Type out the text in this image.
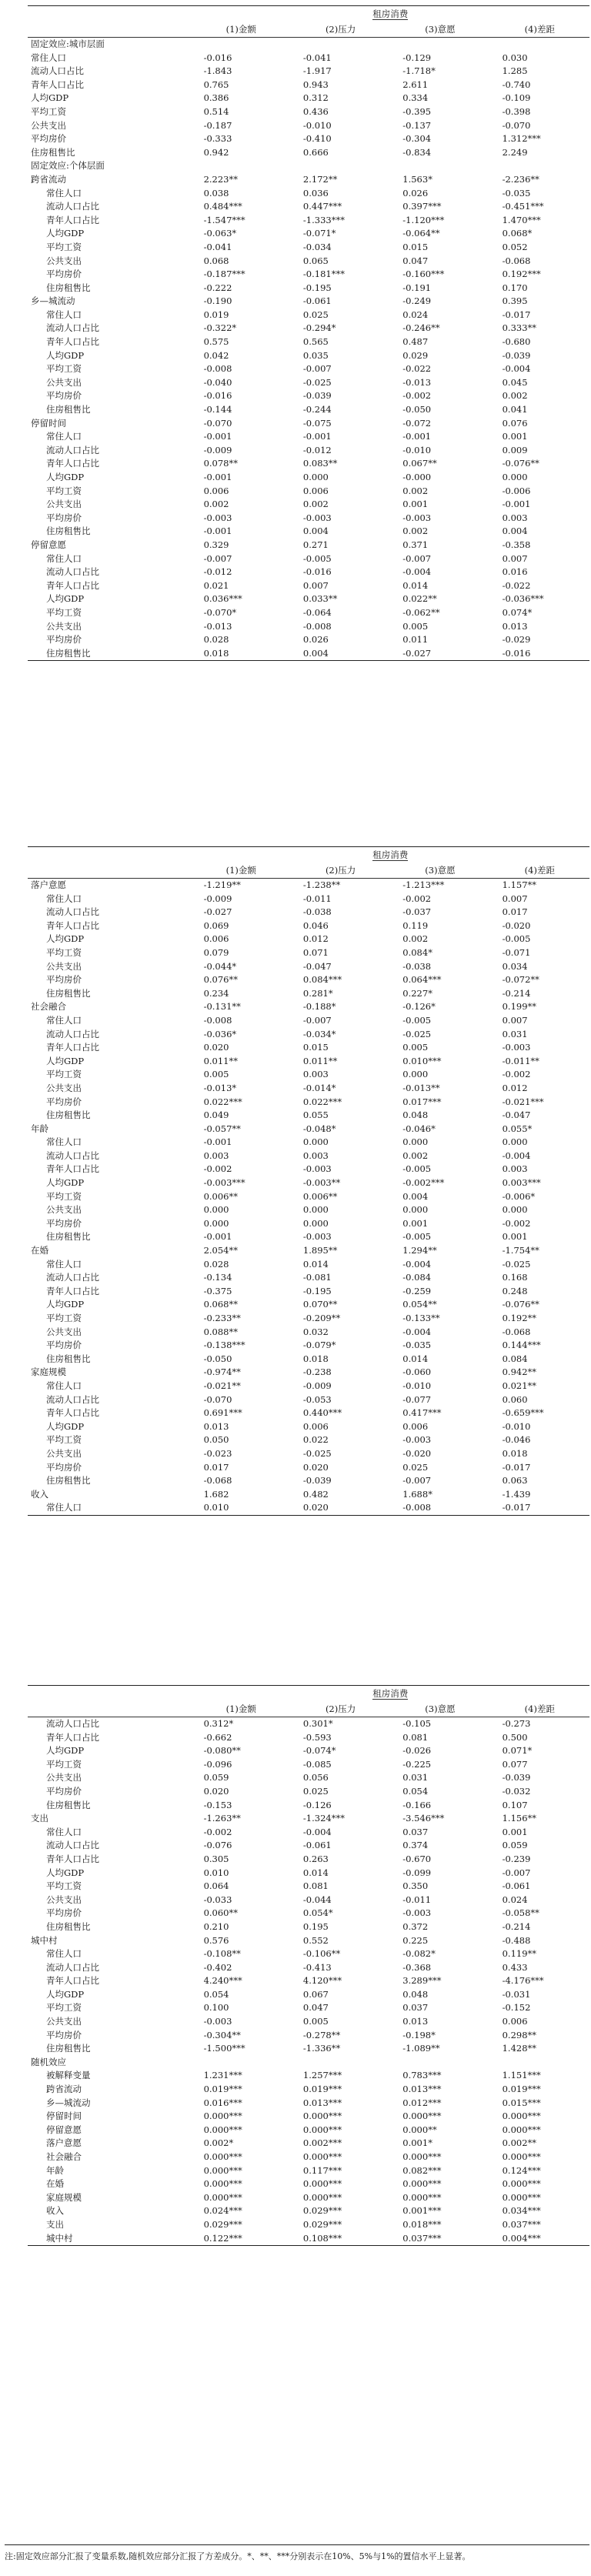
	租房消费			
	(1)金额	(2)压力	(3)意愿	(4)差距
固定效应:城市层面				
常住人口	-0.016	-0.041	-0.129	0.030
流动人口占比	-1.843	-1.917	-1.718*	1.285
青年人口占比	0.765	0.943	2.611	-0.740
人均GDP	0.386	0.312	0.334	-0.109
平均工资	0.514	0.436	-0.395	-0.398
公共支出	-0.187	-0.010	-0.137	-0.070
平均房价	-0.333	-0.410	-0.304	1.312***
住房租售比	0.942	0.666	-0.834	2.249
固定效应:个体层面				
跨省流动	2.223**	2.172**	1.563*	-2.236**
常住人口	0.038	0.036	0.026	-0.035
流动人口占比	0.484***	0.447***	0.397***	-0.451***
青年人口占比	-1.547***	-1.333***	-1.120***	1.470***
人均GDP	-0.063*	-0.071*	-0.064**	0.068*
平均工资	-0.041	-0.034	0.015	0.052
公共支出	0.068	0.065	0.047	-0.068
平均房价	-0.187***	-0.181***	-0.160***	0.192***
住房租售比	-0.222	-0.195	-0.191	0.170
乡—城流动	-0.190	-0.061	-0.249	0.395
常住人口	0.019	0.025	0.024	-0.017
流动人口占比	-0.322*	-0.294*	-0.246**	0.333**
青年人口占比	0.575	0.565	0.487	-0.680
人均GDP	0.042	0.035	0.029	-0.039
平均工资	-0.008	-0.007	-0.022	-0.004
公共支出	-0.040	-0.025	-0.013	0.045
平均房价	-0.016	-0.039	-0.002	0.002
住房租售比	-0.144	-0.244	-0.050	0.041
停留时间	-0.070	-0.075	-0.072	0.076
常住人口	-0.001	-0.001	-0.001	0.001
流动人口占比	-0.009	-0.012	-0.010	0.009
青年人口占比	0.078**	0.083**	0.067**	-0.076**
人均GDP	-0.001	0.000	-0.000	0.000
平均工资	0.006	0.006	0.002	-0.006
公共支出	0.002	0.002	0.001	-0.001
平均房价	-0.003	-0.003	-0.003	0.003
住房租售比	-0.001	0.004	0.002	0.004
停留意愿	0.329	0.271	0.371	-0.358
常住人口	-0.007	-0.005	-0.007	0.007
流动人口占比	-0.012	-0.016	-0.004	0.016
青年人口占比	0.021	0.007	0.014	-0.022
人均GDP	0.036***	0.033**	0.022**	-0.036***
平均工资	-0.070*	-0.064	-0.062**	0.074*
公共支出	-0.013	-0.008	0.005	0.013
平均房价	0.028	0.026	0.011	-0.029
住房租售比	0.018	0.004	-0.027	-0.016
	租房消费			
	(1)金额	(2)压力	(3)意愿	(4)差距
落户意愿	-1.219**	-1.238**	-1.213***	1.157**
常住人口	-0.009	-0.011	-0.002	0.007
流动人口占比	-0.027	-0.038	-0.037	0.017
青年人口占比	0.069	0.046	0.119	-0.020
人均GDP	0.006	0.012	0.002	-0.005
平均工资	0.079	0.071	0.084*	-0.071
公共支出	-0.044*	-0.047	-0.038	0.034
平均房价	0.076**	0.084***	0.064***	-0.072**
住房租售比	0.234	0.281*	0.227*	-0.214
社会融合	-0.131**	-0.188*	-0.126*	0.199**
常住人口	-0.008	-0.007	-0.005	0.007
流动人口占比	-0.036*	-0.034*	-0.025	0.031
青年人口占比	0.020	0.015	0.005	-0.003
人均GDP	0.011**	0.011**	0.010***	-0.011**
平均工资	0.005	0.003	0.000	-0.002
公共支出	-0.013*	-0.014*	-0.013**	0.012
平均房价	0.022***	0.022***	0.017***	-0.021***
住房租售比	0.049	0.055	0.048	-0.047
年龄	-0.057**	-0.048*	-0.046*	0.055*
常住人口	-0.001	0.000	0.000	0.000
流动人口占比	0.003	0.003	0.002	-0.004
青年人口占比	-0.002	-0.003	-0.005	0.003
人均GDP	-0.003***	-0.003**	-0.002***	0.003***
平均工资	0.006**	0.006**	0.004	-0.006*
公共支出	0.000	0.000	0.000	0.000
平均房价	0.000	0.000	0.001	-0.002
住房租售比	-0.001	-0.003	-0.005	0.001
在婚	2.054**	1.895**	1.294**	-1.754**
常住人口	0.028	0.014	-0.004	-0.025
流动人口占比	-0.134	-0.081	-0.084	0.168
青年人口占比	-0.375	-0.195	-0.259	0.248
人均GDP	0.068**	0.070**	0.054**	-0.076**
平均工资	-0.233**	-0.209**	-0.133**	0.192**
公共支出	0.088**	0.032	-0.004	-0.068
平均房价	-0.138***	-0.079*	-0.035	0.144***
住房租售比	-0.050	0.018	0.014	0.084
家庭规模	-0.974**	-0.238	-0.060	0.942**
常住人口	-0.021**	-0.009	-0.010	0.021**
流动人口占比	-0.070	-0.053	-0.077	0.060
青年人口占比	0.691***	0.440***	0.417***	-0.659***
人均GDP	0.013	0.006	0.006	-0.010
平均工资	0.050	0.022	-0.003	-0.046
公共支出	-0.023	-0.025	-0.020	0.018
平均房价	0.017	0.020	0.025	-0.017
住房租售比	-0.068	-0.039	-0.007	0.063
收入	1.682	0.482	1.688*	-1.439
常住人口	0.010	0.020	-0.008	-0.017
	租房消费			
	(1)金额	(2)压力	(3)意愿	(4)差距
流动人口占比	0.312*	0.301*	-0.105	-0.273
青年人口占比	-0.662	-0.593	0.081	0.500
人均GDP	-0.080**	-0.074*	-0.026	0.071*
平均工资	-0.096	-0.085	-0.225	0.077
公共支出	0.059	0.056	0.031	-0.039
平均房价	0.020	0.025	0.054	-0.032
住房租售比	-0.153	-0.126	-0.166	0.107
支出	-1.263**	-1.324***	-3.546***	1.156**
常住人口	-0.002	-0.004	0.037	0.001
流动人口占比	-0.076	-0.061	0.374	0.059
青年人口占比	0.305	0.263	-0.670	-0.239
人均GDP	0.010	0.014	-0.099	-0.007
平均工资	0.064	0.081	0.350	-0.061
公共支出	-0.033	-0.044	-0.011	0.024
平均房价	0.060**	0.054*	-0.003	-0.058**
住房租售比	0.210	0.195	0.372	-0.214
城中村	0.576	0.552	0.225	-0.488
常住人口	-0.108**	-0.106**	-0.082*	0.119**
流动人口占比	-0.402	-0.413	-0.368	0.433
青年人口占比	4.240***	4.120***	3.289***	-4.176***
人均GDP	0.054	0.067	0.048	-0.031
平均工资	0.100	0.047	0.037	-0.152
公共支出	-0.003	0.005	0.013	0.006
平均房价	-0.304**	-0.278**	-0.198*	0.298**
住房租售比	-1.500***	-1.336**	-1.089**	1.428**
随机效应				
被解释变量	1.231***	1.257***	0.783***	1.151***
跨省流动	0.019***	0.019***	0.013***	0.019***
乡—城流动	0.016***	0.013***	0.012***	0.015***
停留时间	0.000***	0.000***	0.000***	0.000***
停留意愿	0.000***	0.000***	0.000**	0.000***
落户意愿	0.002*	0.002***	0.001*	0.002**
社会融合	0.000***	0.000***	0.000***	0.000***
年龄	0.000***	0.117***	0.082***	0.124***
在婚	0.000***	0.000***	0.000***	0.000***
家庭规模	0.000***	0.000***	0.000***	0.000***
收入	0.024***	0.029***	0.001***	0.034***
支出	0.029***	0.029***	0.018***	0.037***
城中村	0.122***	0.108***	0.037***	0.004***
注:固定效应部分汇报了变量系数,随机效应部分汇报了方差成分。*、**、***分别表示在10%、5%与1%的置信水平上显著。
